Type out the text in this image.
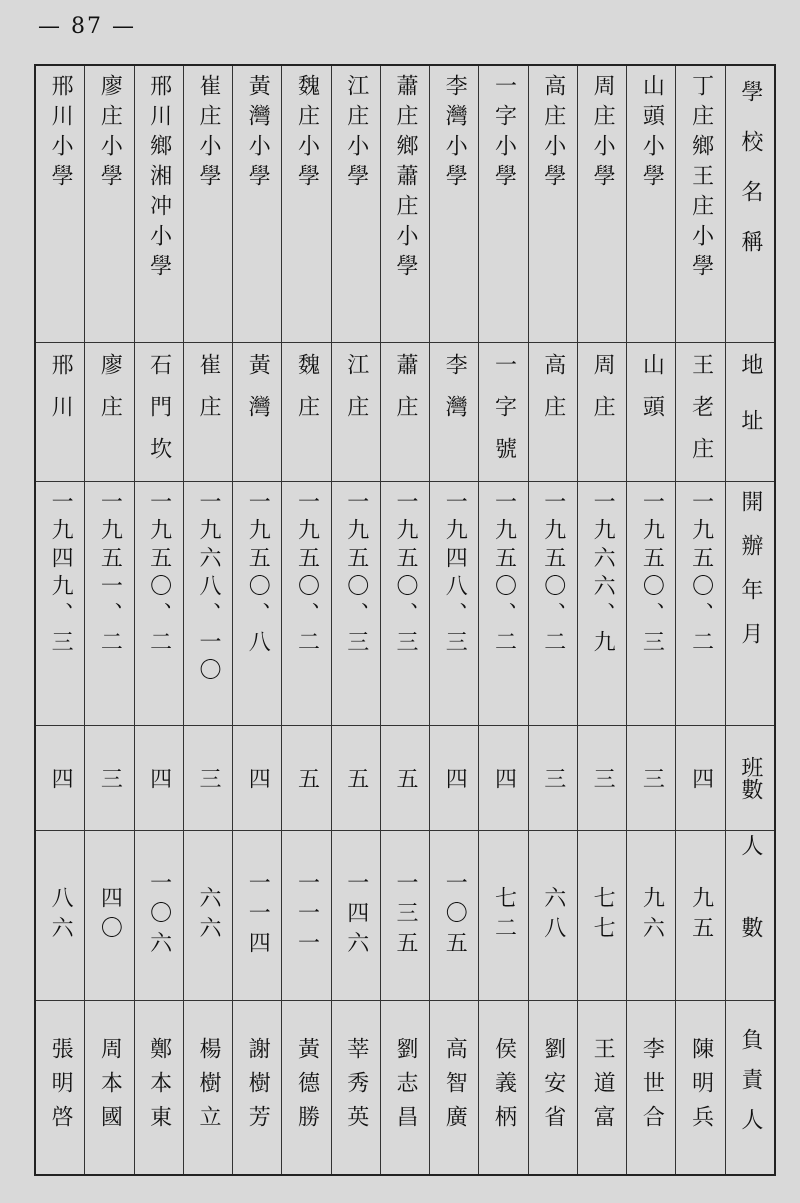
— 87 —
學校名稱
地址
開辦年月
班數
人數
負責人
丁庄鄉王庄小學
王老庄
一九五〇、二
四
九五
陳明兵
山頭小學
山頭
一九五〇、三
三
九六
李世合
周庄小學
周庄
一九六六、九
三
七七
王道富
高庄小學
高庄
一九五〇、二
三
六八
劉安省
一字小學
一字號
一九五〇、二
四
七二
侯義柄
李灣小學
李灣
一九四八、三
四
一〇五
高智廣
蕭庄鄉蕭庄小學
蕭庄
一九五〇、三
五
一三五
劉志昌
江庄小學
江庄
一九五〇、三
五
一四六
莘秀英
魏庄小學
魏庄
一九五〇、二
五
一一一
黃德勝
黃灣小學
黃灣
一九五〇、八
四
一一四
謝樹芳
崔庄小學
崔庄
一九六八、一〇
三
六六
楊樹立
邢川鄉湘冲小學
石門坎
一九五〇、二
四
一〇六
鄭本東
廖庄小學
廖庄
一九五一、二
三
四〇
周本國
邢川小學
邢川
一九四九、三
四
八六
張明啓
